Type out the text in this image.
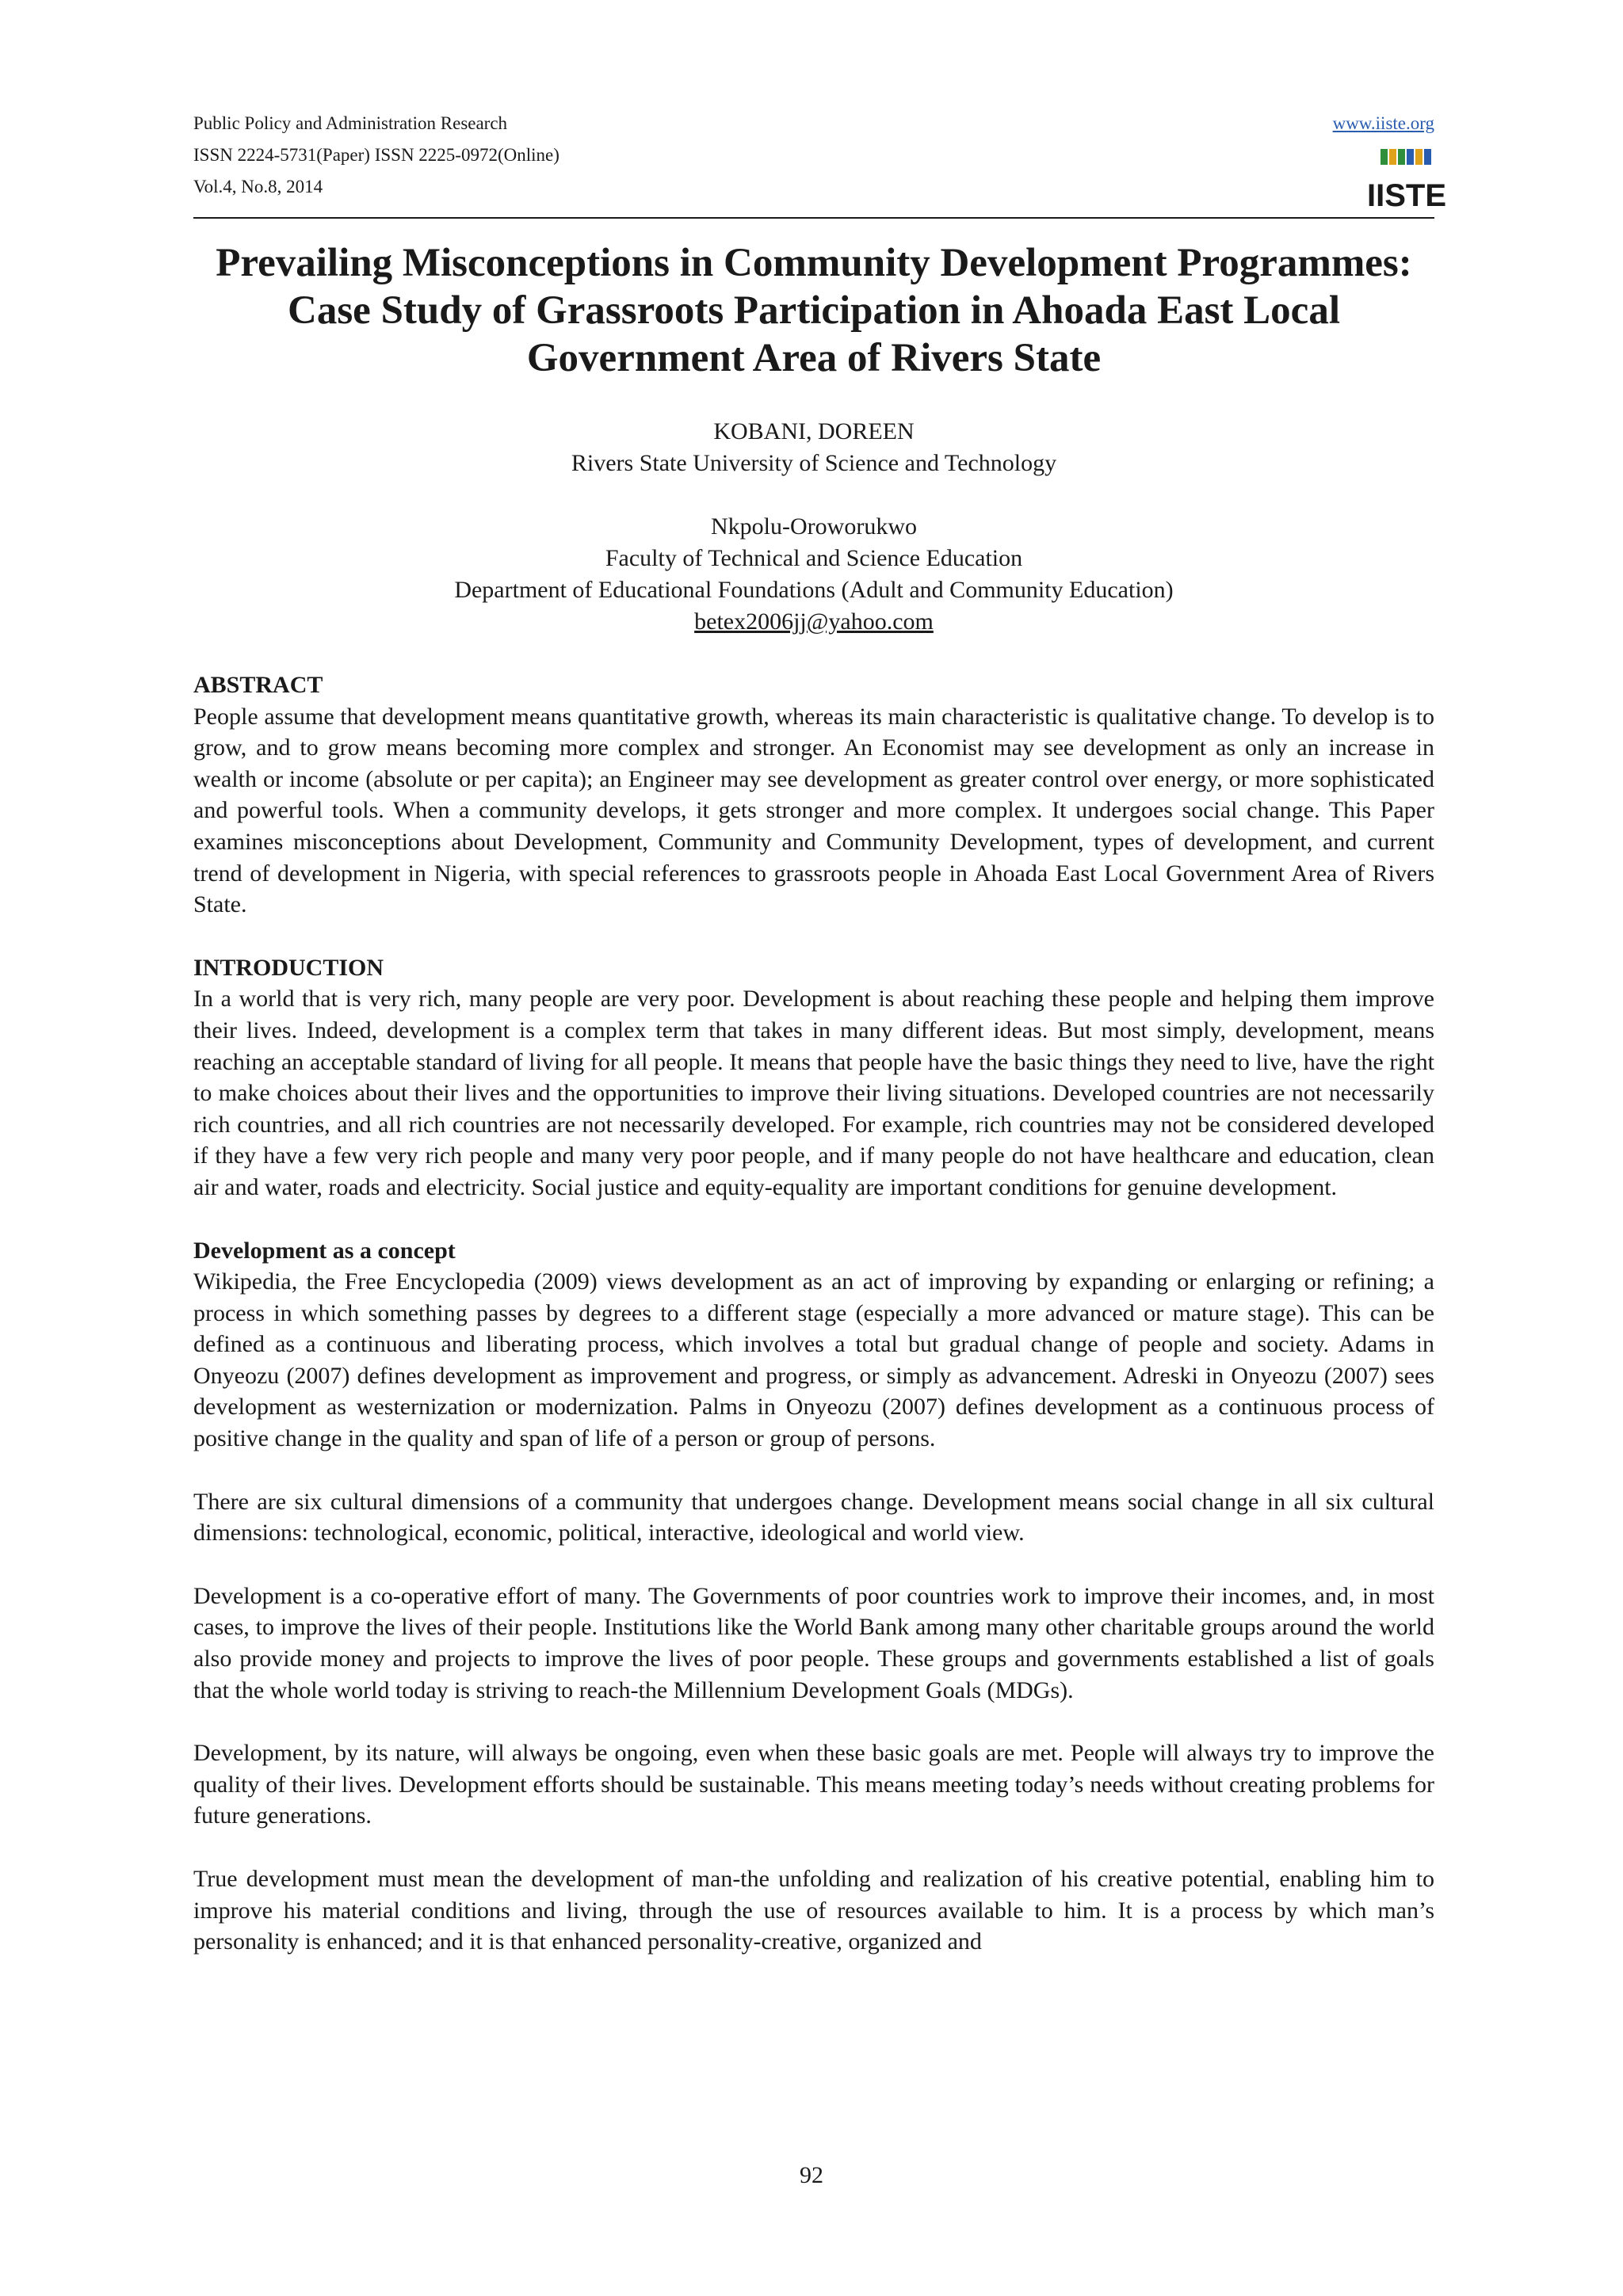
Public Policy and Administration Research
ISSN 2224-5731(Paper) ISSN 2225-0972(Online)
Vol.4, No.8, 2014
www.iiste.org
IISTE
Prevailing Misconceptions in Community Development Programmes: Case Study of Grassroots Participation in Ahoada East Local Government Area of Rivers State
KOBANI, DOREEN
Rivers State University of Science and Technology
Nkpolu-Oroworukwo
Faculty of Technical and Science Education
Department of Educational Foundations (Adult and Community Education)
betex2006jj@yahoo.com
ABSTRACT

People assume that development means quantitative growth, whereas its main characteristic is qualitative change. To develop is to grow, and to grow means becoming more complex and stronger. An Economist may see development as only an increase in wealth or income (absolute or per capita); an Engineer may see development as greater control over energy, or more sophisticated and powerful tools. When a community develops, it gets stronger and more complex. It undergoes social change. This Paper examines misconceptions about Development, Community and Community Development, types of development, and current trend of development in Nigeria, with special references to grassroots people in Ahoada East Local Government Area of Rivers State.

INTRODUCTION

In a world that is very rich, many people are very poor. Development is about reaching these people and helping them improve their lives. Indeed, development is a complex term that takes in many different ideas. But most simply, development, means reaching an acceptable standard of living for all people. It means that people have the basic things they need to live, have the right to make choices about their lives and the opportunities to improve their living situations. Developed countries are not necessarily rich countries, and all rich countries are not necessarily developed. For example, rich countries may not be considered developed if they have a few very rich people and many very poor people, and if many people do not have healthcare and education, clean air and water, roads and electricity. Social justice and equity-equality are important conditions for genuine development.

Development as a concept

Wikipedia, the Free Encyclopedia (2009) views development as an act of improving by expanding or enlarging or refining; a process in which something passes by degrees to a different stage (especially a more advanced or mature stage). This can be defined as a continuous and liberating process, which involves a total but gradual change of people and society. Adams in Onyeozu (2007) defines development as improvement and progress, or simply as advancement. Adreski in Onyeozu (2007) sees development as westernization or modernization. Palms in Onyeozu (2007) defines development as a continuous process of positive change in the quality and span of life of a person or group of persons.

There are six cultural dimensions of a community that undergoes change. Development means social change in all six cultural dimensions: technological, economic, political, interactive, ideological and world view.

Development is a co-operative effort of many. The Governments of poor countries work to improve their incomes, and, in most cases, to improve the lives of their people. Institutions like the World Bank among many other charitable groups around the world also provide money and projects to improve the lives of poor people. These groups and governments established a list of goals that the whole world today is striving to reach-the Millennium Development Goals (MDGs).

Development, by its nature, will always be ongoing, even when these basic goals are met. People will always try to improve the quality of their lives. Development efforts should be sustainable. This means meeting today’s needs without creating problems for future generations.

True development must mean the development of man-the unfolding and realization of his creative potential, enabling him to improve his material conditions and living, through the use of resources available to him. It is a process by which man’s personality is enhanced; and it is that enhanced personality-creative, organized and

92
